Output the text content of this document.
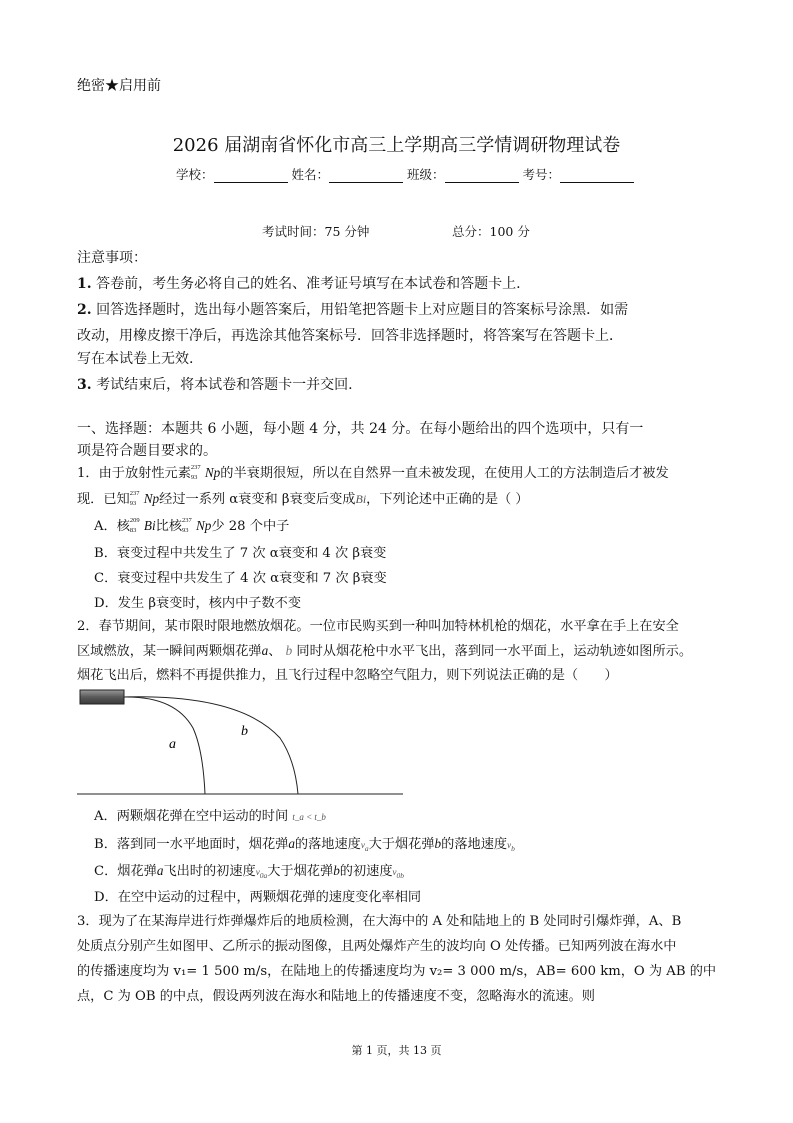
绝密★启用前
2026 届湖南省怀化市高三上学期高三学情调研物理试卷
学校：	姓名：	班级：	考号：
考试时间：75 分钟	总分：100 分
注意事项：
1. 答卷前，考生务必将自己的姓名、准考证号填写在本试卷和答题卡上.
2. 回答选择题时，选出每小题答案后，用铅笔把答题卡上对应题目的答案标号涂黑．如需
改动，用橡皮擦干净后，再选涂其他答案标号．回答非选择题时，将答案写在答题卡上．
写在本试卷上无效.
3. 考试结束后，将本试卷和答题卡一并交回.
一、选择题：本题共 6 小题，每小题 4 分，共 24 分。在每小题给出的四个选项中，只有一
项是符合题目要求的。
1．由于放射性元素 237
93 Np的半衰期很短，所以在自然界一直未被发现，在使用人工的方法制造后才被发
现．已知 237
93 Np经过一系列 α衰变和 β衰变后变成Bi，下列论述中正确的是（ ）
A．核 209
83 Bi比核 237
93 Np少 28 个中子
B．衰变过程中共发生了 7 次 α衰变和 4 次 β衰变
C．衰变过程中共发生了 4 次 α衰变和 7 次 β衰变
D．发生 β衰变时，核内中子数不变
2．春节期间，某市限时限地燃放烟花。一位市民购买到一种叫加特林机枪的烟花，水平拿在手上在安全
区域燃放，某一瞬间两颗烟花弹a、 b 同时从烟花枪中水平飞出，落到同一水平面上，运动轨迹如图所示。
烟花飞出后，燃料不再提供推力，且飞行过程中忽略空气阻力，则下列说法正确的是（　　）
a
b
A．两颗烟花弹在空中运动的时间 t_a < t_b
B．落到同一水平地面时，烟花弹a的落地速度$v_a$大于烟花弹b的落地速度$v_b$
C．烟花弹a飞出时的初速度$v_{0a}$大于烟花弹b的初速度$v_{0b}$
D．在空中运动的过程中，两颗烟花弹的速度变化率相同
3．现为了在某海岸进行炸弹爆炸后的地质检测，在大海中的 A 处和陆地上的 B 处同时引爆炸弹，A、B
处质点分别产生如图甲、乙所示的振动图像，且两处爆炸产生的波均向 O 处传播。已知两列波在海水中
的传播速度均为 v₁= 1 500 m/s，在陆地上的传播速度均为 v₂= 3 000 m/s，AB= 600 km，O 为 AB 的中
点，C 为 OB 的中点，假设两列波在海水和陆地上的传播速度不变，忽略海水的流速。则
第 1 页，共 13 页
